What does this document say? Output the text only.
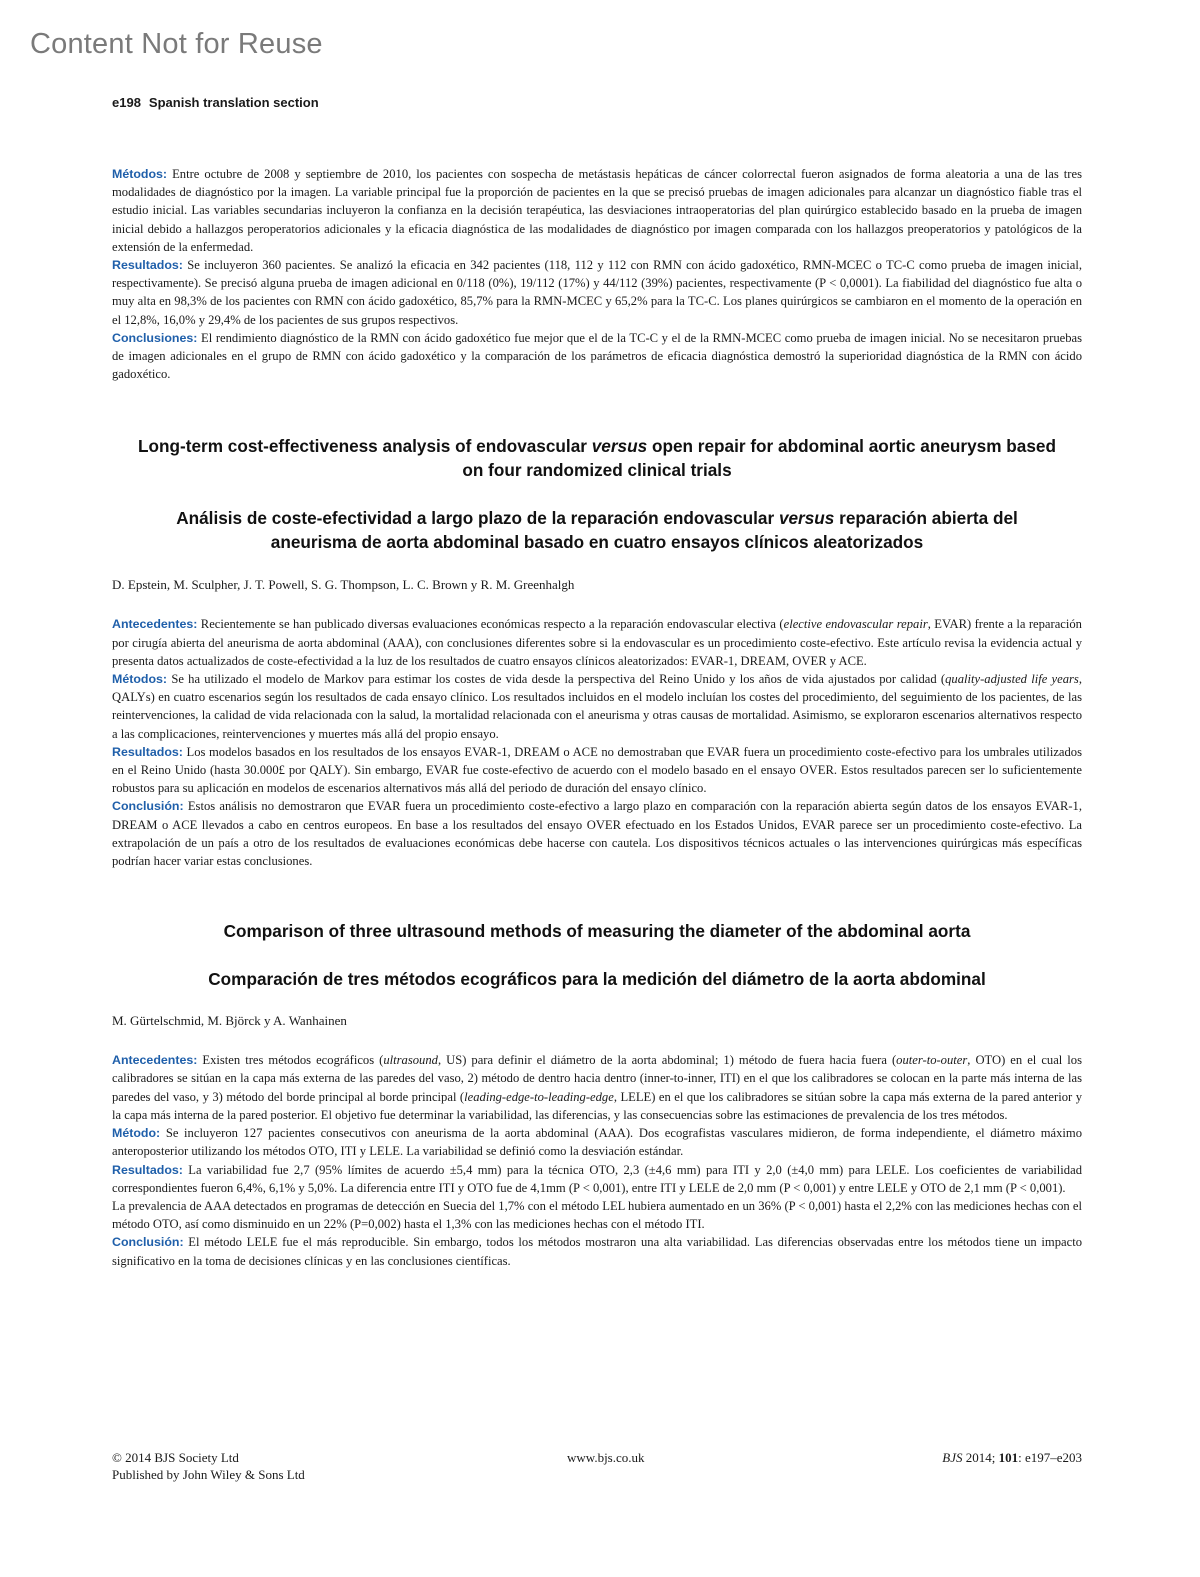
Content Not for Reuse
e198 Spanish translation section

Métodos: Entre octubre de 2008 y septiembre de 2010, los pacientes con sospecha de metástasis hepáticas de cáncer colorrectal fueron asignados de forma aleatoria a una de las tres modalidades de diagnóstico por la imagen. La variable principal fue la proporción de pacientes en la que se precisó pruebas de imagen adicionales para alcanzar un diagnóstico fiable tras el estudio inicial. Las variables secundarias incluyeron la confianza en la decisión terapéutica, las desviaciones intraoperatorias del plan quirúrgico establecido basado en la prueba de imagen inicial debido a hallazgos peroperatorios adicionales y la eficacia diagnóstica de las modalidades de diagnóstico por imagen comparada con los hallazgos preoperatorios y patológicos de la extensión de la enfermedad.

Resultados: Se incluyeron 360 pacientes. Se analizó la eficacia en 342 pacientes (118, 112 y 112 con RMN con ácido gadoxético, RMN-MCEC o TC-C como prueba de imagen inicial, respectivamente). Se precisó alguna prueba de imagen adicional en 0/118 (0%), 19/112 (17%) y 44/112 (39%) pacientes, respectivamente (P < 0,0001). La fiabilidad del diagnóstico fue alta o muy alta en 98,3% de los pacientes con RMN con ácido gadoxético, 85,7% para la RMN-MCEC y 65,2% para la TC-C. Los planes quirúrgicos se cambiaron en el momento de la operación en el 12,8%, 16,0% y 29,4% de los pacientes de sus grupos respectivos.

Conclusiones: El rendimiento diagnóstico de la RMN con ácido gadoxético fue mejor que el de la TC-C y el de la RMN-MCEC como prueba de imagen inicial. No se necesitaron pruebas de imagen adicionales en el grupo de RMN con ácido gadoxético y la comparación de los parámetros de eficacia diagnóstica demostró la superioridad diagnóstica de la RMN con ácido gadoxético.

Long-term cost-effectiveness analysis of endovascular versus open repair for abdominal aortic aneurysm based on four randomized clinical trials
Análisis de coste-efectividad a largo plazo de la reparación endovascular versus reparación abierta del aneurisma de aorta abdominal basado en cuatro ensayos clínicos aleatorizados

D. Epstein, M. Sculpher, J. T. Powell, S. G. Thompson, L. C. Brown y R. M. Greenhalgh

Antecedentes: Recientemente se han publicado diversas evaluaciones económicas respecto a la reparación endovascular electiva (elective endovascular repair, EVAR) frente a la reparación por cirugía abierta del aneurisma de aorta abdominal (AAA), con conclusiones diferentes sobre si la endovascular es un procedimiento coste-efectivo. Este artículo revisa la evidencia actual y presenta datos actualizados de coste-efectividad a la luz de los resultados de cuatro ensayos clínicos aleatorizados: EVAR-1, DREAM, OVER y ACE.

Métodos: Se ha utilizado el modelo de Markov para estimar los costes de vida desde la perspectiva del Reino Unido y los años de vida ajustados por calidad (quality-adjusted life years, QALYs) en cuatro escenarios según los resultados de cada ensayo clínico. Los resultados incluidos en el modelo incluían los costes del procedimiento, del seguimiento de los pacientes, de las reintervenciones, la calidad de vida relacionada con la salud, la mortalidad relacionada con el aneurisma y otras causas de mortalidad. Asimismo, se exploraron escenarios alternativos respecto a las complicaciones, reintervenciones y muertes más allá del propio ensayo.

Resultados: Los modelos basados en los resultados de los ensayos EVAR-1, DREAM o ACE no demostraban que EVAR fuera un procedimiento coste-efectivo para los umbrales utilizados en el Reino Unido (hasta 30.000£ por QALY). Sin embargo, EVAR fue coste-efectivo de acuerdo con el modelo basado en el ensayo OVER. Estos resultados parecen ser lo suficientemente robustos para su aplicación en modelos de escenarios alternativos más allá del periodo de duración del ensayo clínico.

Conclusión: Estos análisis no demostraron que EVAR fuera un procedimiento coste-efectivo a largo plazo en comparación con la reparación abierta según datos de los ensayos EVAR-1, DREAM o ACE llevados a cabo en centros europeos. En base a los resultados del ensayo OVER efectuado en los Estados Unidos, EVAR parece ser un procedimiento coste-efectivo. La extrapolación de un país a otro de los resultados de evaluaciones económicas debe hacerse con cautela. Los dispositivos técnicos actuales o las intervenciones quirúrgicas más específicas podrían hacer variar estas conclusiones.

Comparison of three ultrasound methods of measuring the diameter of the abdominal aorta
Comparación de tres métodos ecográficos para la medición del diámetro de la aorta abdominal

M. Gürtelschmid, M. Björck y A. Wanhainen

Antecedentes: Existen tres métodos ecográficos (ultrasound, US) para definir el diámetro de la aorta abdominal; 1) método de fuera hacia fuera (outer-to-outer, OTO) en el cual los calibradores se sitúan en la capa más externa de las paredes del vaso, 2) método de dentro hacia dentro (inner-to-inner, ITI) en el que los calibradores se colocan en la parte más interna de las paredes del vaso, y 3) método del borde principal al borde principal (leading-edge-to-leading-edge, LELE) en el que los calibradores se sitúan sobre la capa más externa de la pared anterior y la capa más interna de la pared posterior. El objetivo fue determinar la variabilidad, las diferencias, y las consecuencias sobre las estimaciones de prevalencia de los tres métodos.

Método: Se incluyeron 127 pacientes consecutivos con aneurisma de la aorta abdominal (AAA). Dos ecografistas vasculares midieron, de forma independiente, el diámetro máximo anteroposterior utilizando los métodos OTO, ITI y LELE. La variabilidad se definió como la desviación estándar.

Resultados: La variabilidad fue 2,7 (95% límites de acuerdo ±5,4 mm) para la técnica OTO, 2,3 (±4,6 mm) para ITI y 2,0 (±4,0 mm) para LELE. Los coeficientes de variabilidad correspondientes fueron 6,4%, 6,1% y 5,0%. La diferencia entre ITI y OTO fue de 4,1mm (P < 0,001), entre ITI y LELE de 2,0 mm (P < 0,001) y entre LELE y OTO de 2,1 mm (P < 0,001).

La prevalencia de AAA detectados en programas de detección en Suecia del 1,7% con el método LEL hubiera aumentado en un 36% (P < 0,001) hasta el 2,2% con las mediciones hechas con el método OTO, así como disminuido en un 22% (P=0,002) hasta el 1,3% con las mediciones hechas con el método ITI.

Conclusión: El método LELE fue el más reproducible. Sin embargo, todos los métodos mostraron una alta variabilidad. Las diferencias observadas entre los métodos tiene un impacto significativo en la toma de decisiones clínicas y en las conclusiones científicas.

© 2014 BJS Society Ltd
Published by John Wiley & Sons Ltd
www.bjs.co.uk	BJS 2014; 101: e197–e203
